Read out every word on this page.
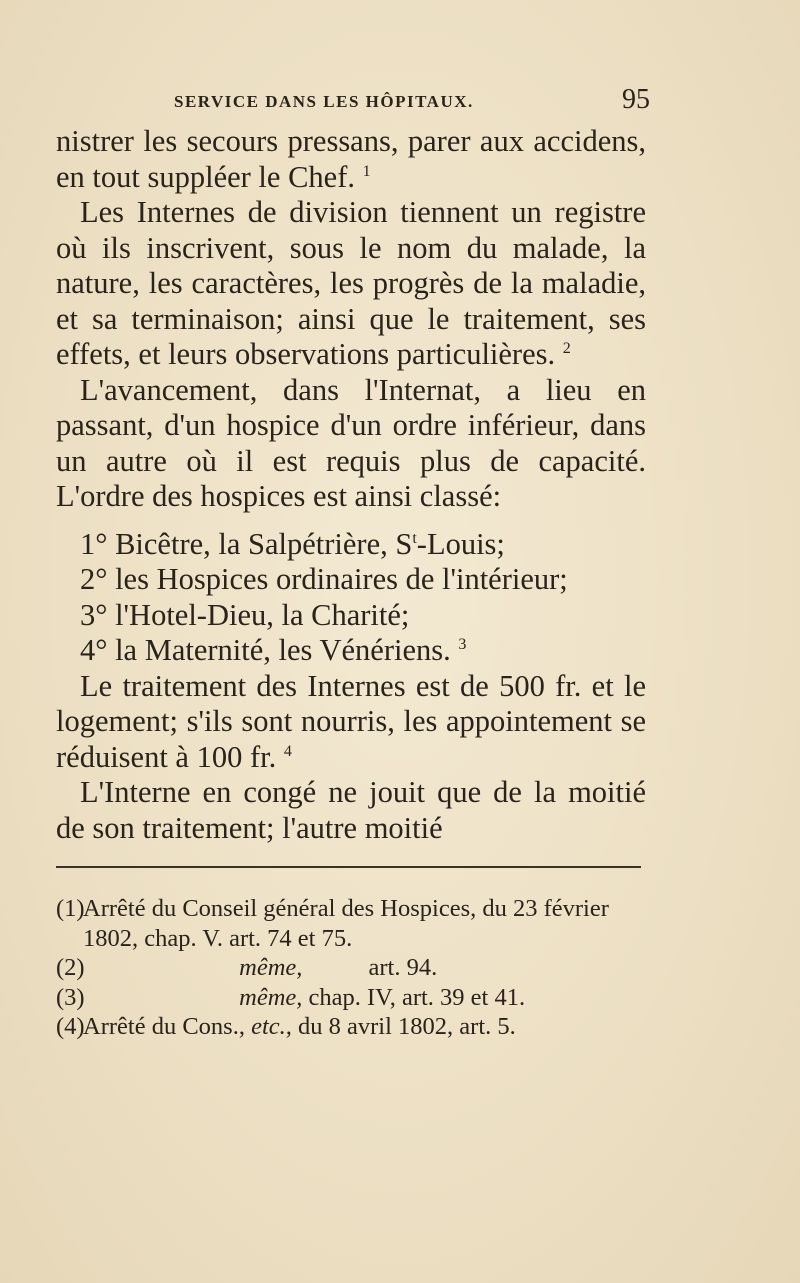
SERVICE DANS LES HÔPITAUX.	95

nistrer les secours pressans, parer aux accidens, en tout suppléer le Chef. $^1$

Les Internes de division tiennent un registre où ils inscrivent, sous le nom du malade, la nature, les caractères, les progrès de la maladie, et sa terminaison; ainsi que le traitement, ses effets, et leurs observations particulières. $^2$

L'avancement, dans l'Internat, a lieu en passant, d'un hospice d'un ordre inférieur, dans un autre où il est requis plus de capacité. L'ordre des hospices est ainsi classé:

1° Bicêtre, la Salpétrière, $S^t$-Louis;

2° les Hospices ordinaires de l'intérieur;

3° l'Hotel-Dieu, la Charité;

4° la Maternité, les Vénériens. $^3$

Le traitement des Internes est de 500 fr. et le logement; s'ils sont nourris, les appointement se réduisent à 100 fr. $^4$

L'Interne en congé ne jouit que de la moitié de son traitement; l'autre moitié

(1)Arrêté du Conseil général des Hospices, du 23 février 1802, chap. V. art. 74 et 75.

(2)	même,	art. 94.

(3)	même, chap. IV, art. 39 et 41.

(4)Arrêté du Cons., etc., du 8 avril 1802, art. 5.
